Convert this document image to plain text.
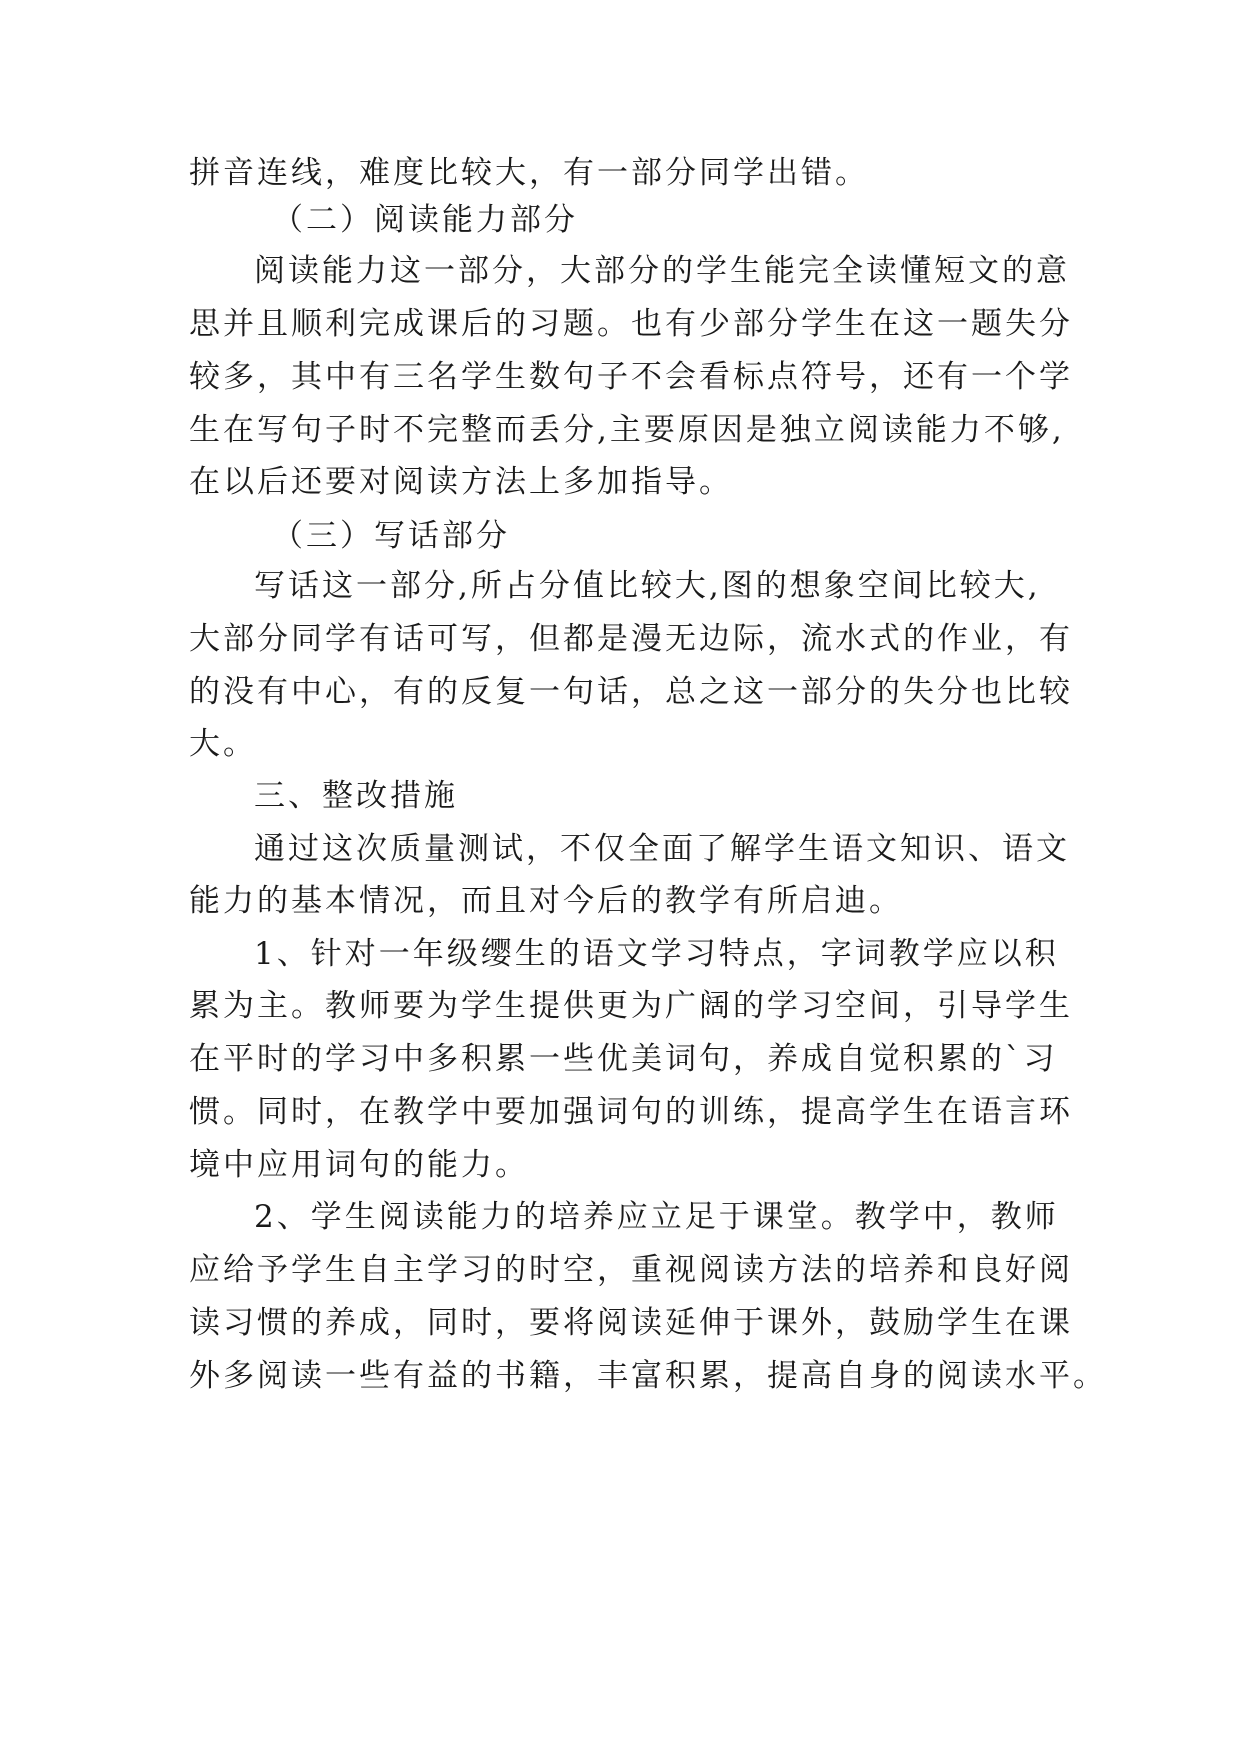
拼音连线，难度比较大，有一部分同学出错。
（二）阅读能力部分
阅读能力这一部分，大部分的学生能完全读懂短文的意
思并且顺利完成课后的习题。也有少部分学生在这一题失分
较多，其中有三名学生数句子不会看标点符号，还有一个学
生在写句子时不完整而丢分,主要原因是独立阅读能力不够,
在以后还要对阅读方法上多加指导。
（三）写话部分
写话这一部分,所占分值比较大,图的想象空间比较大,
大部分同学有话可写，但都是漫无边际，流水式的作业，有
的没有中心，有的反复一句话，总之这一部分的失分也比较
大。
三、整改措施
通过这次质量测试，不仅全面了解学生语文知识、语文
能力的基本情况，而且对今后的教学有所启迪。
1、针对一年级缨生的语文学习特点，字词教学应以积
累为主。教师要为学生提供更为广阔的学习空间，引导学生
在平时的学习中多积累一些优美词句，养成自觉积累的`习
惯。同时，在教学中要加强词句的训练，提高学生在语言环
境中应用词句的能力。
2、学生阅读能力的培养应立足于课堂。教学中，教师
应给予学生自主学习的时空，重视阅读方法的培养和良好阅
读习惯的养成，同时，要将阅读延伸于课外，鼓励学生在课
外多阅读一些有益的书籍，丰富积累，提高自身的阅读水平。
